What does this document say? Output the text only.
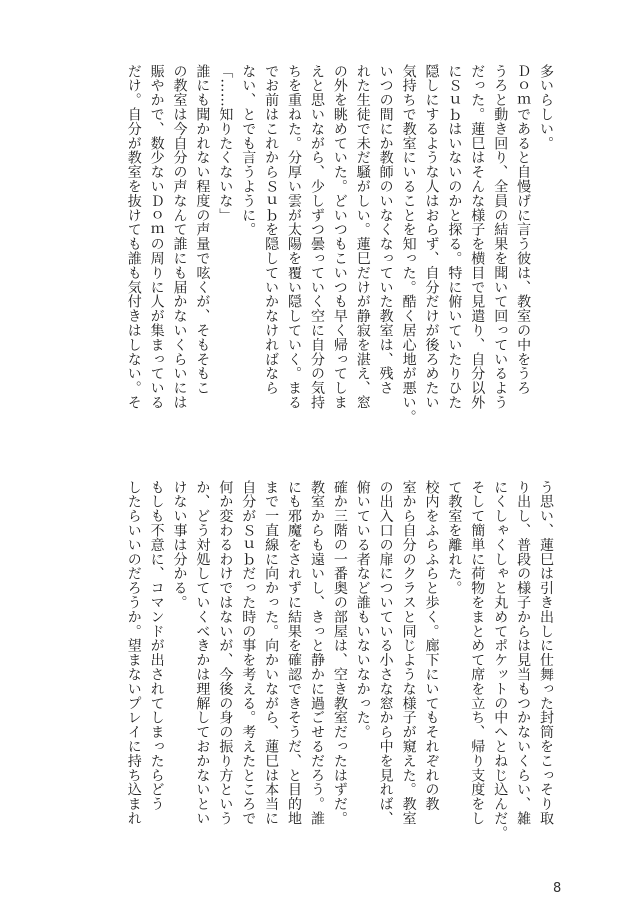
多いらしい。
Ｄｏｍであると自慢げに言う彼は、教室の中をうろ
うろと動き回り、全員の結果を聞いて回っているよう
だった。蓮巳はそんな様子を横目で見遣り、自分以外
にＳｕｂはいないのかと探る。特に俯いていたりひた
隠しにするような人はおらず、自分だけが後ろめたい
気持ちで教室にいることを知った。酷く居心地が悪い。
いつの間にか教師のいなくなっていた教室は、残さ
れた生徒で未だ騒がしい。蓮巳だけが静寂を湛え、窓
の外を眺めていた。どいつもこいつも早く帰ってしま
えと思いながら、少しずつ曇っていく空に自分の気持
ちを重ねた。分厚い雲が太陽を覆い隠していく。まる
でお前はこれからＳｕｂを隠していかなければなら
ない、とでも言うように。
「……知りたくないな」
誰にも聞かれない程度の声量で呟くが、そもそもこ
の教室は今自分の声なんて誰にも届かないくらいには
賑やかで、数少ないＤｏｍの周りに人が集まっている
だけ。自分が教室を抜けても誰も気付きはしない。そ
う思い、蓮巳は引き出しに仕舞った封筒をこっそり取
り出し、普段の様子からは見当もつかないくらい、雑
にくしゃくしゃと丸めてポケットの中へとねじ込んだ。
そして簡単に荷物をまとめて席を立ち、帰り支度をし
て教室を離れた。
校内をふらふらと歩く。廊下にいてもそれぞれの教
室から自分のクラスと同じような様子が窺えた。教室
の出入口の扉についている小さな窓から中を見れば、
俯いている者など誰もいないなかった。
確か三階の一番奥の部屋は、空き教室だったはずだ。
教室からも遠いし、きっと静かに過ごせるだろう。誰
にも邪魔をされずに結果を確認できそうだ、と目的地
まで一直線に向かった。向かいながら、蓮巳は本当に
自分がＳｕｂだった時の事を考える。考えたところで
何か変わるわけではないが、今後の身の振り方という
か、どう対処していくべきかは理解しておかないとい
けない事は分かる。
もしも不意に、コマンドが出されてしまったらどう
したらいいのだろうか。望まないプレイに持ち込まれ
8
